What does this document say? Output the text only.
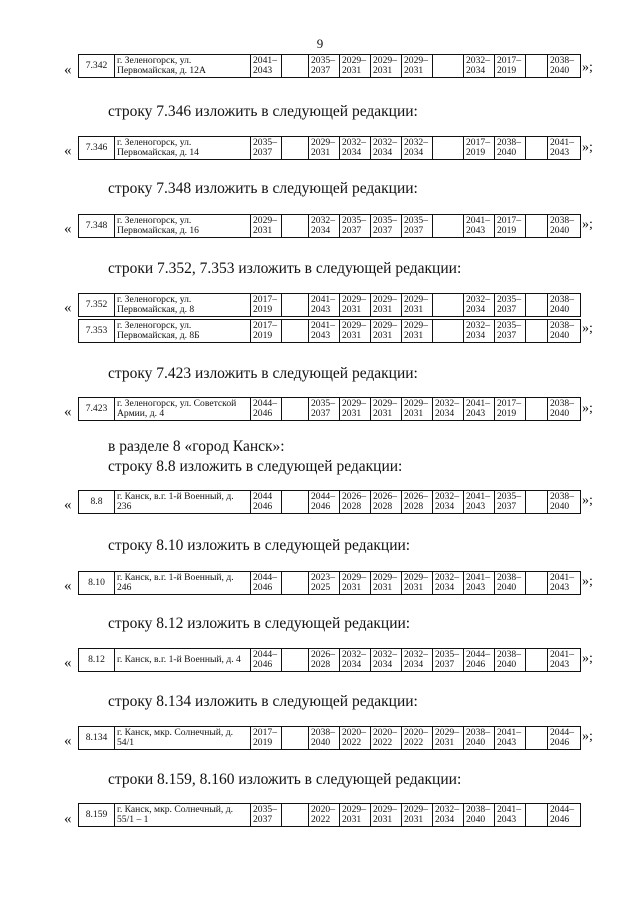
9
« 7.342	г. Зеленогорск, ул. Первомайская, д. 12А	2041–2043		2035–2037	2029–2031	2029–2031	2029–2031		2032–2034	2017–2019		2038–2040 »;
строку 7.346 изложить в следующей редакции:
« 7.346	г. Зеленогорск, ул. Первомайская, д. 14	2035–2037		2029–2031	2032–2034	2032–2034	2032–2034		2017–2019	2038–2040		2041–2043 »;
строку 7.348 изложить в следующей редакции:
« 7.348	г. Зеленогорск, ул. Первомайская, д. 16	2029–2031		2032–2034	2035–2037	2035–2037	2035–2037		2041–2043	2017–2019		2038–2040 »;
строки 7.352, 7.353 изложить в следующей редакции:
« 7.352	г. Зеленогорск, ул. Первомайская, д. 8	2017–2019		2041–2043	2029–2031	2029–2031	2029–2031		2032–2034	2035–2037		2038–2040
7.353	г. Зеленогорск, ул. Первомайская, д. 8Б	2017–2019		2041–2043	2029–2031	2029–2031	2029–2031		2032–2034	2035–2037		2038–2040 »;
строку 7.423 изложить в следующей редакции:
« 7.423	г. Зеленогорск, ул. Советской Армии, д. 4	2044–2046		2035–2037	2029–2031	2029–2031	2029–2031	2032–2034	2041–2043	2017–2019		2038–2040 »;
в разделе 8 «город Канск»:
строку 8.8 изложить в следующей редакции:
« 8.8	г. Канск, в.г. 1-й Военный, д. 236	2044 2046		2044–2046	2026–2028	2026–2028	2026–2028	2032–2034	2041–2043	2035–2037		2038–2040 »;
строку 8.10 изложить в следующей редакции:
« 8.10	г. Канск, в.г. 1-й Военный, д. 246	2044–2046		2023–2025	2029–2031	2029–2031	2029–2031	2032–2034	2041–2043	2038–2040		2041–2043 »;
строку 8.12 изложить в следующей редакции:
« 8.12	г. Канск, в.г. 1-й Военный, д. 4	2044–2046		2026–2028	2032–2034	2032–2034	2032–2034	2035–2037	2044–2046	2038–2040		2041–2043 »;
строку 8.134 изложить в следующей редакции:
« 8.134	г. Канск, мкр. Солнечный, д. 54/1	2017–2019		2038–2040	2020–2022	2020–2022	2020–2022	2029–2031	2038–2040	2041–2043		2044–2046 »;
строки 8.159, 8.160 изложить в следующей редакции:
« 8.159	г. Канск, мкр. Солнечный, д. 55/1 – 1	2035–2037		2020–2022	2029–2031	2029–2031	2029–2031	2032–2034	2038–2040	2041–2043		2044–2046
